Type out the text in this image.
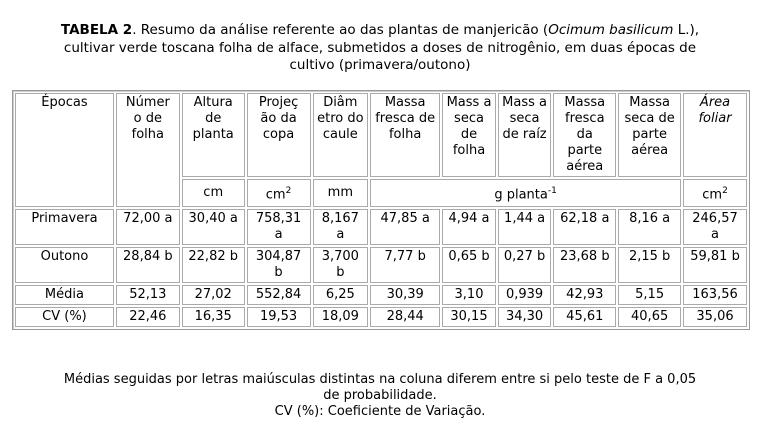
TABELA 2. Resumo da análise referente ao das plantas de manjericão (Ocimum basilicum L.), cultivar verde toscana folha de alface, submetidos a doses de nitrogênio, em duas épocas de cultivo (primavera/outono)
Épocas	Númer o de folha	Altura de planta	Projeç ão da copa	Diâm etro do caule	Massa fresca de folha	Mass a seca de folha	Mass a seca de raíz	Massa fresca da parte aérea	Massa seca de parte aérea	Área foliar
		cm	$cm^2$	mm	g planta$^{-1}$					$cm^2$
Primavera	72,00 a	30,40 a	758,31 a	8,167 a	47,85 a	4,94 a	1,44 a	62,18 a	8,16 a	246,57 a
Outono	28,84 b	22,82 b	304,87 b	3,700 b	7,77 b	0,65 b	0,27 b	23,68 b	2,15 b	59,81 b
Média	52,13	27,02	552,84	6,25	30,39	3,10	0,939	42,93	5,15	163,56
CV (%)	22,46	16,35	19,53	18,09	28,44	30,15	34,30	45,61	40,65	35,06
Médias seguidas por letras maiúsculas distintas na coluna diferem entre si pelo teste de F a 0,05 de probabilidade.
CV (%): Coeficiente de Variação.
